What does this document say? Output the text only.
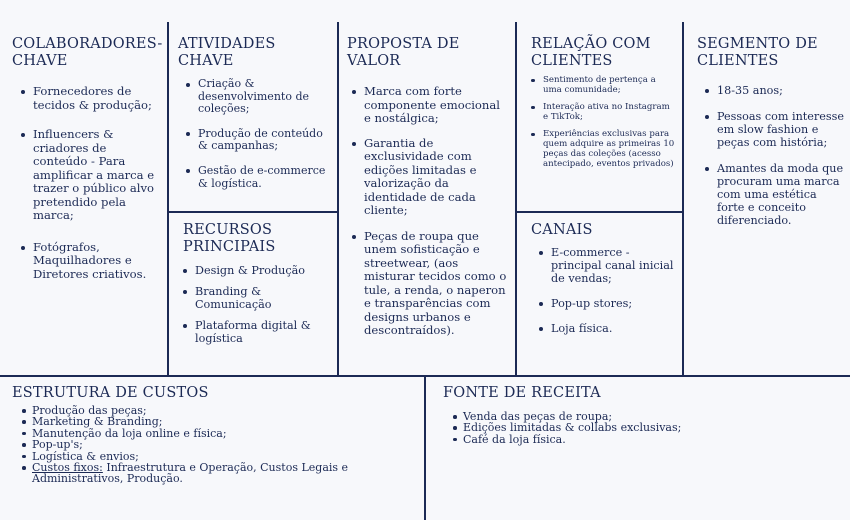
COLABORADORES-CHAVE
Fornecedores de tecidos & produção;
Influencers & criadores de conteúdo - Para amplificar a marca e trazer o público alvo pretendido pela marca;
Fotógrafos, Maquilhadores e Diretores criativos.
ATIVIDADES CHAVE
Criação & desenvolvimento de coleções;
Produção de conteúdo & campanhas;
Gestão de e-commerce & logística.
RECURSOS PRINCIPAIS
Design & Produção
Branding & Comunicação
Plataforma digital & logística
PROPOSTA DE VALOR
Marca com forte componente emocional e nostálgica;
Garantia de exclusividade com edições limitadas e valorização da identidade de cada cliente;
Peças de roupa que unem sofisticação e streetwear, (aos misturar tecidos como o tule, a renda, o naperon e transparências com designs urbanos e descontraídos).
RELAÇÃO COM CLIENTES
Sentimento de pertença a uma comunidade;
Interação ativa no Instagram e TikTok;
Experiências exclusivas para quem adquire as primeiras 10 peças das coleções (acesso antecipado, eventos privados)
CANAIS
E-commerce - principal canal inicial de vendas;
Pop-up stores;
Loja física.
SEGMENTO DE CLIENTES
18-35 anos;
Pessoas com interesse em slow fashion e peças com história;
Amantes da moda que procuram uma marca com uma estética forte e conceito diferenciado.
ESTRUTURA DE CUSTOS
Produção das peças;
Marketing & Branding;
Manutenção da loja online e física;
Pop-up's;
Logística & envios;
Custos fixos: Infraestrutura e Operação, Custos Legais e
Administrativos, Produção.
FONTE DE RECEITA
Venda das peças de roupa;
Edições limitadas & collabs exclusivas;
Café da loja física.
